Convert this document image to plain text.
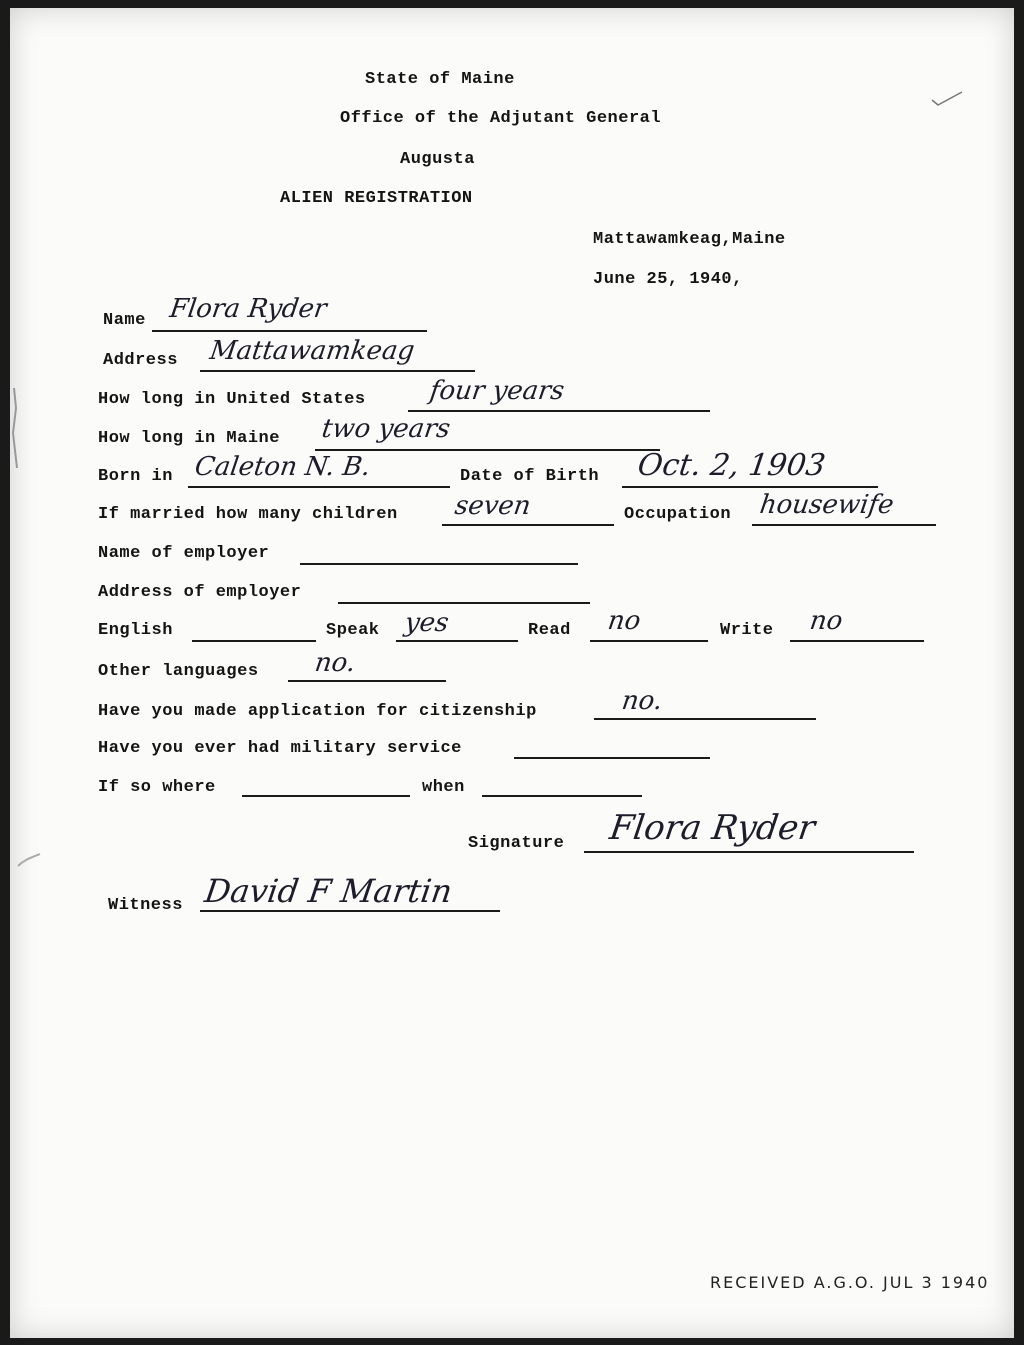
State of Maine
Office of the Adjutant General
Augusta
ALIEN REGISTRATION
Mattawamkeag,Maine
June 25, 1940,
Name Flora Ryder
Address Mattawamkeag
How long in United States four years
How long in Maine two years
Born in Caleton N. B.	Date of Birth Oct. 2, 1903
If married how many children seven	Occupation housewife
Name of employer
Address of employer
English	Speak yes	Read no	Write no
Other languages no.
Have you made application for citizenship	no.
Have you ever had military service
If so where	when
Signature Flora Ryder
Witness David F Martin
RECEIVED A.G.O. JUL 3 1940
